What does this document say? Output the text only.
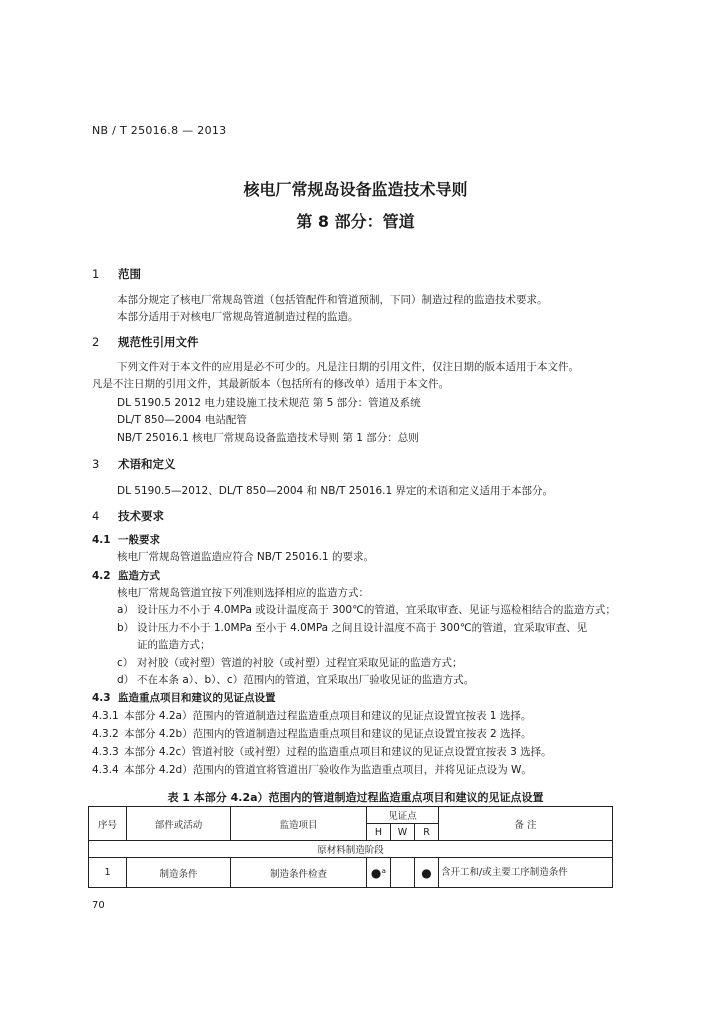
NB / T 25016.8 — 2013
核电厂常规岛设备监造技术导则
第 8 部分：管道
1 范围
本部分规定了核电厂常规岛管道（包括管配件和管道预制，下同）制造过程的监造技术要求。
本部分适用于对核电厂常规岛管道制造过程的监造。
2 规范性引用文件
下列文件对于本文件的应用是必不可少的。凡是注日期的引用文件，仅注日期的版本适用于本文件。
凡是不注日期的引用文件，其最新版本（包括所有的修改单）适用于本文件。
DL 5190.5 2012 电力建设施工技术规范 第 5 部分：管道及系统
DL/T 850—2004 电站配管
NB/T 25016.1 核电厂常规岛设备监造技术导则 第 1 部分：总则
3 术语和定义
DL 5190.5—2012、DL/T 850—2004 和 NB/T 25016.1 界定的术语和定义适用于本部分。
4 技术要求
4.1 一般要求
核电厂常规岛管道监造应符合 NB/T 25016.1 的要求。
4.2 监造方式
核电厂常规岛管道宜按下列准则选择相应的监造方式：
a） 设计压力不小于 4.0MPa 或设计温度高于 300℃的管道，宜采取审查、见证与巡检相结合的监造方式；
b） 设计压力不小于 1.0MPa 至小于 4.0MPa 之间且设计温度不高于 300℃的管道，宜采取审查、见
证的监造方式；
c） 对衬胶（或衬塑）管道的衬胶（或衬塑）过程宜采取见证的监造方式；
d） 不在本条 a）、b）、c）范围内的管道，宜采取出厂验收见证的监造方式。
4.3 监造重点项目和建议的见证点设置
4.3.1 本部分 4.2a）范围内的管道制造过程监造重点项目和建议的见证点设置宜按表 1 选择。
4.3.2 本部分 4.2b）范围内的管道制造过程监造重点项目和建议的见证点设置宜按表 2 选择。
4.3.3 本部分 4.2c）管道衬胶（或衬塑）过程的监造重点项目和建议的见证点设置宜按表 3 选择。
4.3.4 本部分 4.2d）范围内的管道宜将管道出厂验收作为监造重点项目，并将见证点设为 W。
表 1 本部分 4.2a）范围内的管道制造过程监造重点项目和建议的见证点设置
序号	部件或活动	监造项目	见证点			备 注
			H	W	R	
原材料制造阶段						
1	制造条件	制造条件检查	●ᵃ		●	含开工和/或主要工序制造条件
70
